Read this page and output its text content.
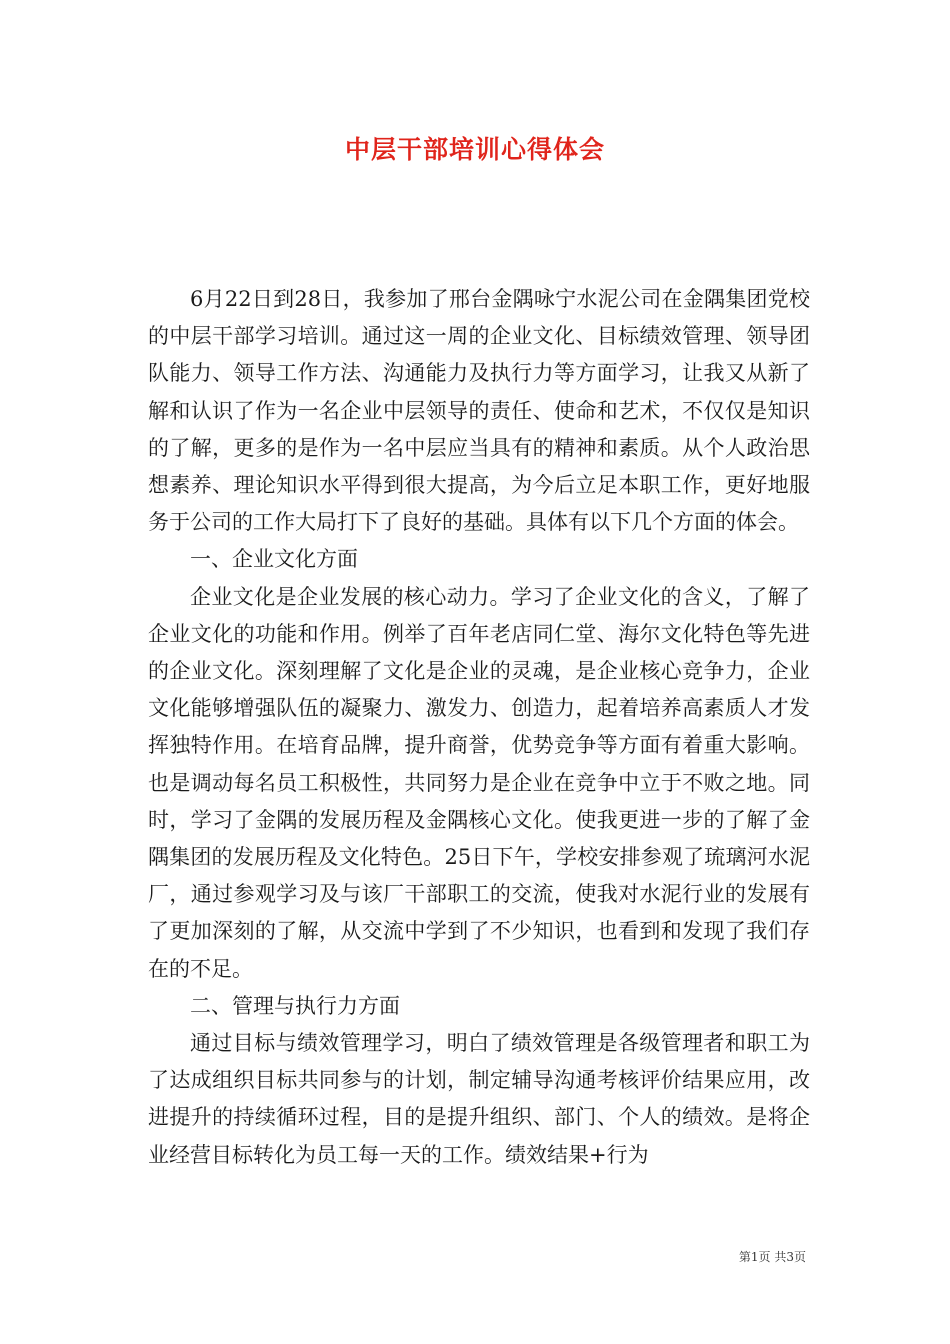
中层干部培训心得体会

6月22日到28日，我参加了邢台金隅咏宁水泥公司在金隅集团党校的中层干部学习培训。通过这一周的企业文化、目标绩效管理、领导团队能力、领导工作方法、沟通能力及执行力等方面学习，让我又从新了解和认识了作为一名企业中层领导的责任、使命和艺术，不仅仅是知识的了解，更多的是作为一名中层应当具有的精神和素质。从个人政治思想素养、理论知识水平得到很大提高，为今后立足本职工作，更好地服务于公司的工作大局打下了良好的基础。具体有以下几个方面的体会。

一、企业文化方面

企业文化是企业发展的核心动力。学习了企业文化的含义，了解了企业文化的功能和作用。例举了百年老店同仁堂、海尔文化特色等先进的企业文化。深刻理解了文化是企业的灵魂，是企业核心竞争力，企业文化能够增强队伍的凝聚力、激发力、创造力，起着培养高素质人才发挥独特作用。在培育品牌，提升商誉，优势竞争等方面有着重大影响。也是调动每名员工积极性，共同努力是企业在竞争中立于不败之地。同时，学习了金隅的发展历程及金隅核心文化。使我更进一步的了解了金隅集团的发展历程及文化特色。25日下午，学校安排参观了琉璃河水泥厂，通过参观学习及与该厂干部职工的交流，使我对水泥行业的发展有了更加深刻的了解，从交流中学到了不少知识，也看到和发现了我们存在的不足。

二、管理与执行力方面

通过目标与绩效管理学习，明白了绩效管理是各级管理者和职工为了达成组织目标共同参与的计划，制定辅导沟通考核评价结果应用，改进提升的持续循环过程，目的是提升组织、部门、个人的绩效。是将企业经营目标转化为员工每一天的工作。绩效结果+行为

第1页 共3页
